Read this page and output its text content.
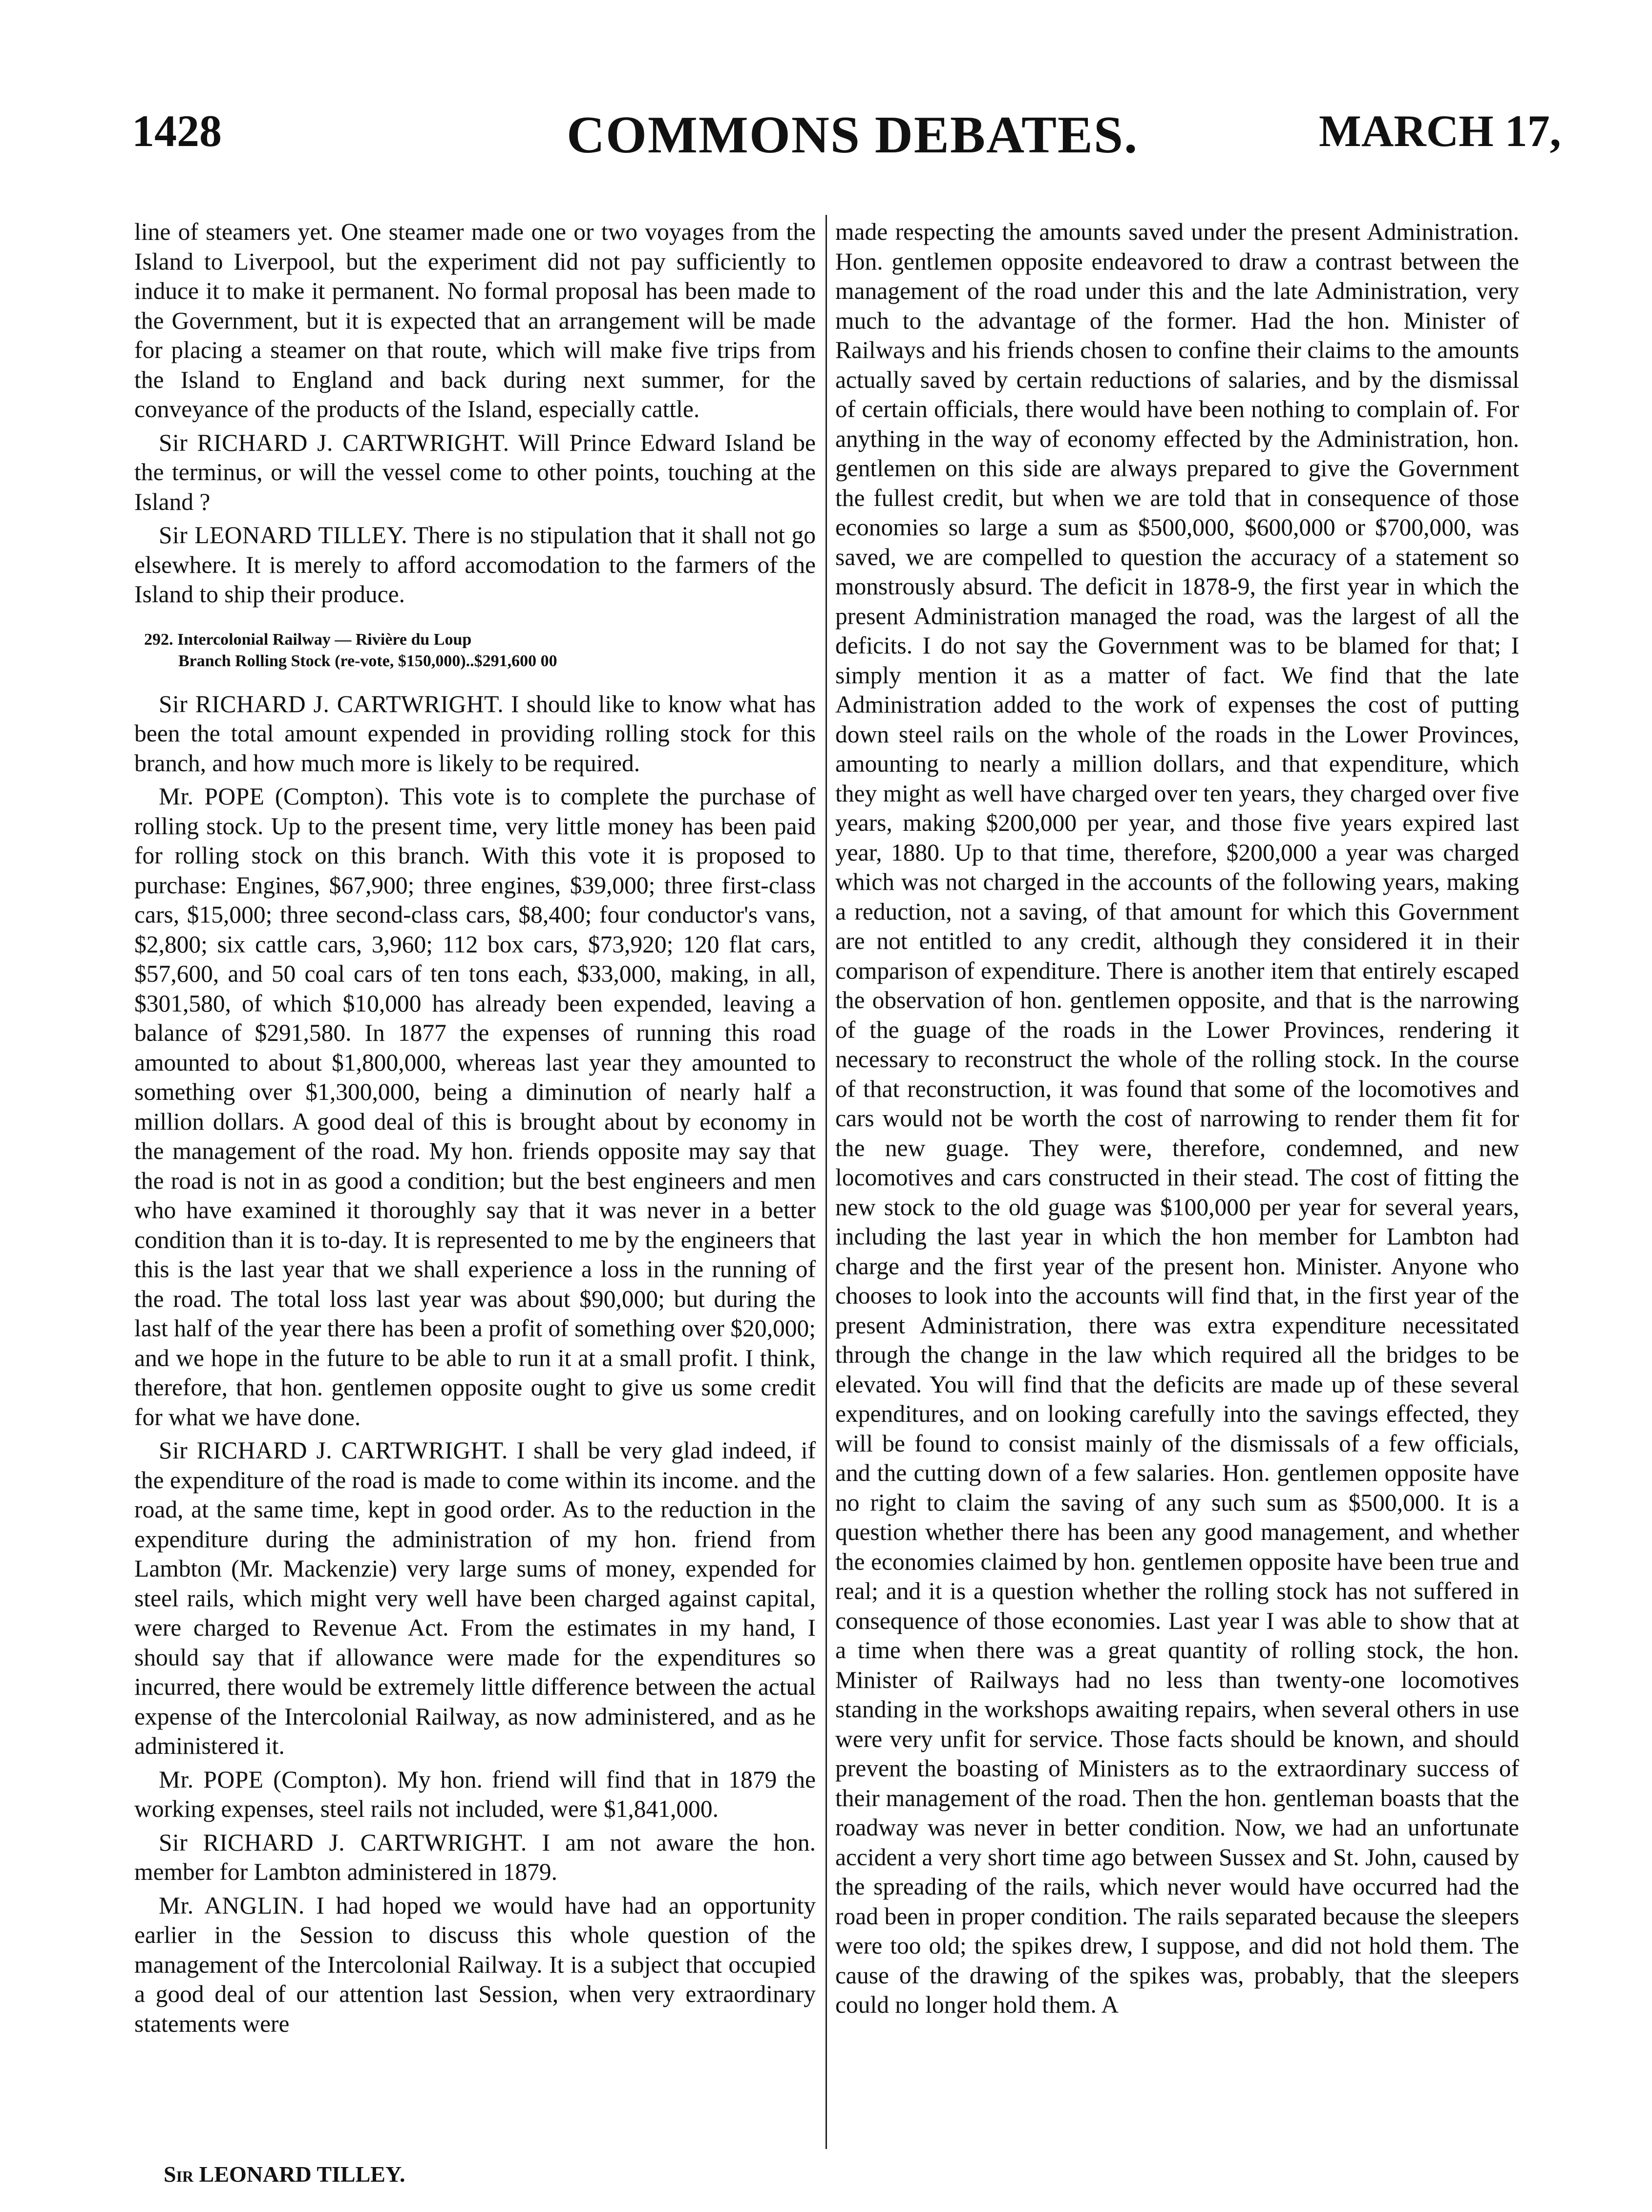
1428	COMMONS DEBATES.	MARCH 17,

line of steamers yet. One steamer made one or two voyages from the Island to Liverpool, but the experiment did not pay sufficiently to induce it to make it permanent. No formal proposal has been made to the Government, but it is expected that an arrangement will be made for placing a steamer on that route, which will make five trips from the Island to England and back during next summer, for the conveyance of the products of the Island, especially cattle.

Sir RICHARD J. CARTWRIGHT. Will Prince Edward Island be the terminus, or will the vessel come to other points, touching at the Island ?

Sir LEONARD TILLEY. There is no stipulation that it shall not go elsewhere. It is merely to afford accomodation to the farmers of the Island to ship their produce.

292. Intercolonial Railway — Rivière du Loup
Branch Rolling Stock (re-vote, $150,000)..$291,600 00

Sir RICHARD J. CARTWRIGHT. I should like to know what has been the total amount expended in providing rolling stock for this branch, and how much more is likely to be required.

Mr. POPE (Compton). This vote is to complete the purchase of rolling stock. Up to the present time, very little money has been paid for rolling stock on this branch. With this vote it is proposed to purchase: Engines, $67,900; three engines, $39,000; three first-class cars, $15,000; three second-class cars, $8,400; four conductor's vans, $2,800; six cattle cars, 3,960; 112 box cars, $73,920; 120 flat cars, $57,600, and 50 coal cars of ten tons each, $33,000, making, in all, $301,580, of which $10,000 has already been expended, leaving a balance of $291,580. In 1877 the expenses of running this road amounted to about $1,800,000, whereas last year they amounted to something over $1,300,000, being a diminution of nearly half a million dollars. A good deal of this is brought about by economy in the management of the road. My hon. friends opposite may say that the road is not in as good a condition; but the best engineers and men who have examined it thoroughly say that it was never in a better condition than it is to-day. It is represented to me by the engineers that this is the last year that we shall experience a loss in the running of the road. The total loss last year was about $90,000; but during the last half of the year there has been a profit of something over $20,000; and we hope in the future to be able to run it at a small profit. I think, therefore, that hon. gentlemen opposite ought to give us some credit for what we have done.

Sir RICHARD J. CARTWRIGHT. I shall be very glad indeed, if the expenditure of the road is made to come within its income. and the road, at the same time, kept in good order. As to the reduction in the expenditure during the administration of my hon. friend from Lambton (Mr. Mackenzie) very large sums of money, expended for steel rails, which might very well have been charged against capital, were charged to Revenue Act. From the estimates in my hand, I should say that if allowance were made for the expenditures so incurred, there would be extremely little difference between the actual expense of the Intercolonial Railway, as now administered, and as he administered it.

Mr. POPE (Compton). My hon. friend will find that in 1879 the working expenses, steel rails not included, were $1,841,000.

Sir RICHARD J. CARTWRIGHT. I am not aware the hon. member for Lambton administered in 1879.

Mr. ANGLIN. I had hoped we would have had an opportunity earlier in the Session to discuss this whole question of the management of the Intercolonial Railway. It is a subject that occupied a good deal of our attention last Session, when very extraordinary statements were

made respecting the amounts saved under the present Administration. Hon. gentlemen opposite endeavored to draw a contrast between the management of the road under this and the late Administration, very much to the advantage of the former. Had the hon. Minister of Railways and his friends chosen to confine their claims to the amounts actually saved by certain reductions of salaries, and by the dismissal of certain officials, there would have been nothing to complain of. For anything in the way of economy effected by the Administration, hon. gentlemen on this side are always prepared to give the Government the fullest credit, but when we are told that in consequence of those economies so large a sum as $500,000, $600,000 or $700,000, was saved, we are compelled to question the accuracy of a statement so monstrously absurd. The deficit in 1878-9, the first year in which the present Administration managed the road, was the largest of all the deficits. I do not say the Government was to be blamed for that; I simply mention it as a matter of fact. We find that the late Administration added to the work of expenses the cost of putting down steel rails on the whole of the roads in the Lower Provinces, amounting to nearly a million dollars, and that expenditure, which they might as well have charged over ten years, they charged over five years, making $200,000 per year, and those five years expired last year, 1880. Up to that time, therefore, $200,000 a year was charged which was not charged in the accounts of the following years, making a reduction, not a saving, of that amount for which this Government are not entitled to any credit, although they considered it in their comparison of expenditure. There is another item that entirely escaped the observation of hon. gentlemen opposite, and that is the narrowing of the guage of the roads in the Lower Provinces, rendering it necessary to reconstruct the whole of the rolling stock. In the course of that reconstruction, it was found that some of the locomotives and cars would not be worth the cost of narrowing to render them fit for the new guage. They were, therefore, condemned, and new locomotives and cars constructed in their stead. The cost of fitting the new stock to the old guage was $100,000 per year for several years, including the last year in which the hon member for Lambton had charge and the first year of the present hon. Minister. Anyone who chooses to look into the accounts will find that, in the first year of the present Administration, there was extra expenditure necessitated through the change in the law which required all the bridges to be elevated. You will find that the deficits are made up of these several expenditures, and on looking carefully into the savings effected, they will be found to consist mainly of the dismissals of a few officials, and the cutting down of a few salaries. Hon. gentlemen opposite have no right to claim the saving of any such sum as $500,000. It is a question whether there has been any good management, and whether the economies claimed by hon. gentlemen opposite have been true and real; and it is a question whether the rolling stock has not suffered in consequence of those economies. Last year I was able to show that at a time when there was a great quantity of rolling stock, the hon. Minister of Railways had no less than twenty-one locomotives standing in the workshops awaiting repairs, when several others in use were very unfit for service. Those facts should be known, and should prevent the boasting of Ministers as to the extraordinary success of their management of the road. Then the hon. gentleman boasts that the roadway was never in better condition. Now, we had an unfortunate accident a very short time ago between Sussex and St. John, caused by the spreading of the rails, which never would have occurred had the road been in proper condition. The rails separated because the sleepers were too old; the spikes drew, I suppose, and did not hold them. The cause of the drawing of the spikes was, probably, that the sleepers could no longer hold them. A

Sir LEONARD TILLEY.
